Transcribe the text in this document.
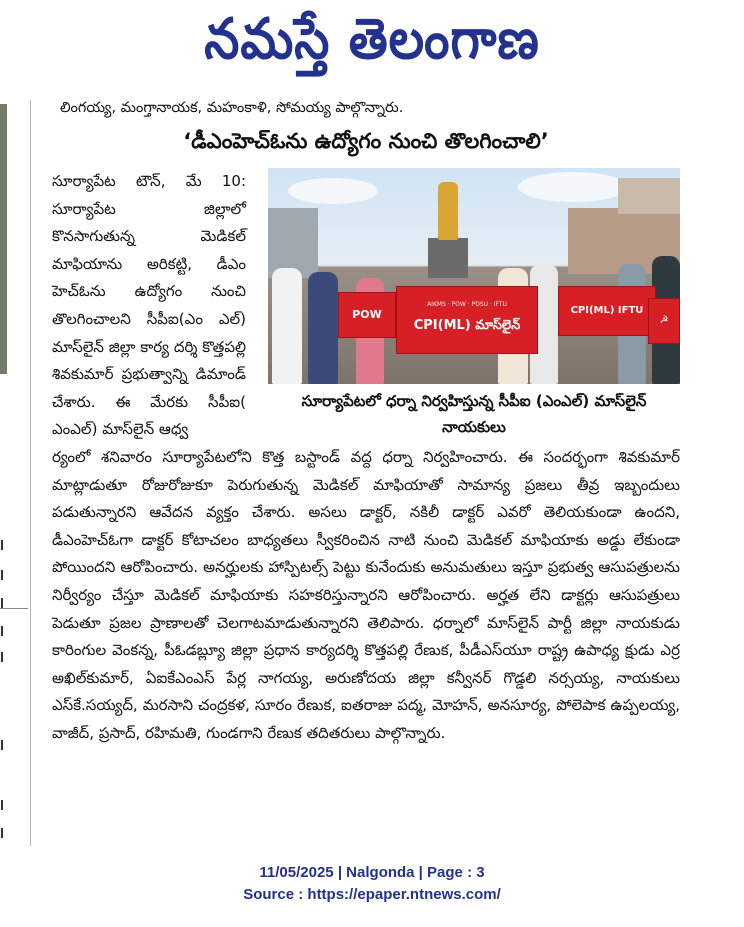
నమస్తే తెలంగాణ
లింగయ్య, మంగ్తానాయక, మహంకాళి, సోమయ్య పాల్గొన్నారు.
‘డీఎంహెచ్ఓను ఉద్యోగం నుంచి తొలగించాలి’
POW
AIKMS · POW · PDSU · IFTU
CPI(ML) మాస్‌లైన్
CPI(ML) IFTU
☭
సూర్యాపేటలో ధర్నా నిర్వహిస్తున్న సీపీఐ (ఎంఎల్) మాస్‌లైన్ నాయకులు

సూర్యాపేట టౌన్, మే 10: సూర్యాపేట జిల్లాలో కొనసాగుతున్న మెడికల్ మాఫియాను అరికట్టి, డీఎం హెచ్ఓను ఉద్యోగం నుంచి తొలగించాలని సీపీఐ(ఎం ఎల్) మాస్‌లైన్ జిల్లా కార్య దర్శి కొత్తపల్లి శివకుమార్ ప్రభుత్వాన్ని డిమాండ్ చేశారు. ఈ మేరకు సీపీఐ( ఎంఎల్) మాస్‌లైన్ ఆధ్వ

ర్యంలో శనివారం సూర్యాపేటలోని కొత్త బస్టాండ్ వద్ద ధర్నా నిర్వహించారు. ఈ సందర్భంగా శివకుమార్ మాట్లాడుతూ రోజురోజుకూ పెరుగుతున్న మెడికల్ మాఫియాతో సామాన్య ప్రజలు తీవ్ర ఇబ్బందులు పడుతున్నారని ఆవేదన వ్యక్తం చేశారు. అసలు డాక్టర్, నకిలీ డాక్టర్ ఎవరో తెలియకుండా ఉందని, డీఎంహెచ్ఓగా డాక్టర్ కోటాచలం బాధ్యతలు స్వీకరించిన నాటి నుంచి మెడికల్ మాఫియాకు అడ్డు లేకుండా పోయిందని ఆరోపించారు. అనర్హులకు హాస్పిటల్స్ పెట్టు కునేందుకు అనుమతులు ఇస్తూ ప్రభుత్వ ఆసుపత్రులను నిర్వీర్యం చేస్తూ మెడికల్ మాఫియాకు సహకరిస్తున్నారని ఆరోపించారు. అర్హత లేని డాక్టర్లు ఆసుపత్రులు పెడుతూ ప్రజల ప్రాణాలతో చెలగాటమాడుతున్నారని తెలిపారు. ధర్నాలో మాస్‌లైన్ పార్టీ జిల్లా నాయకుడు కారింగుల వెంకన్న, పీఓడబ్ల్యూ జిల్లా ప్రధాన కార్యదర్శి కొత్తపల్లి రేణుక, పీడీఎస్‌యూ రాష్ట్ర ఉపాధ్య క్షుడు ఎర్ర అఖిల్‌కుమార్, ఏఐకేఎంఎస్ పేర్ల నాగయ్య, అరుణోదయ జిల్లా కన్వీనర్ గొడ్డలి నర్సయ్య, నాయకులు ఎస్‌కే.సయ్యద్, మరసాని చంద్రకళ, సూరం రేణుక, ఐతరాజు పద్మ, మోహన్, అనసూర్య, పోలెపాక ఉప్పలయ్య, వాజీద్, ప్రసాద్, రహిమతి, గుండగాని రేణుక తదితరులు పాల్గొన్నారు.

11/05/2025 | Nalgonda | Page : 3
Source : https://epaper.ntnews.com/
